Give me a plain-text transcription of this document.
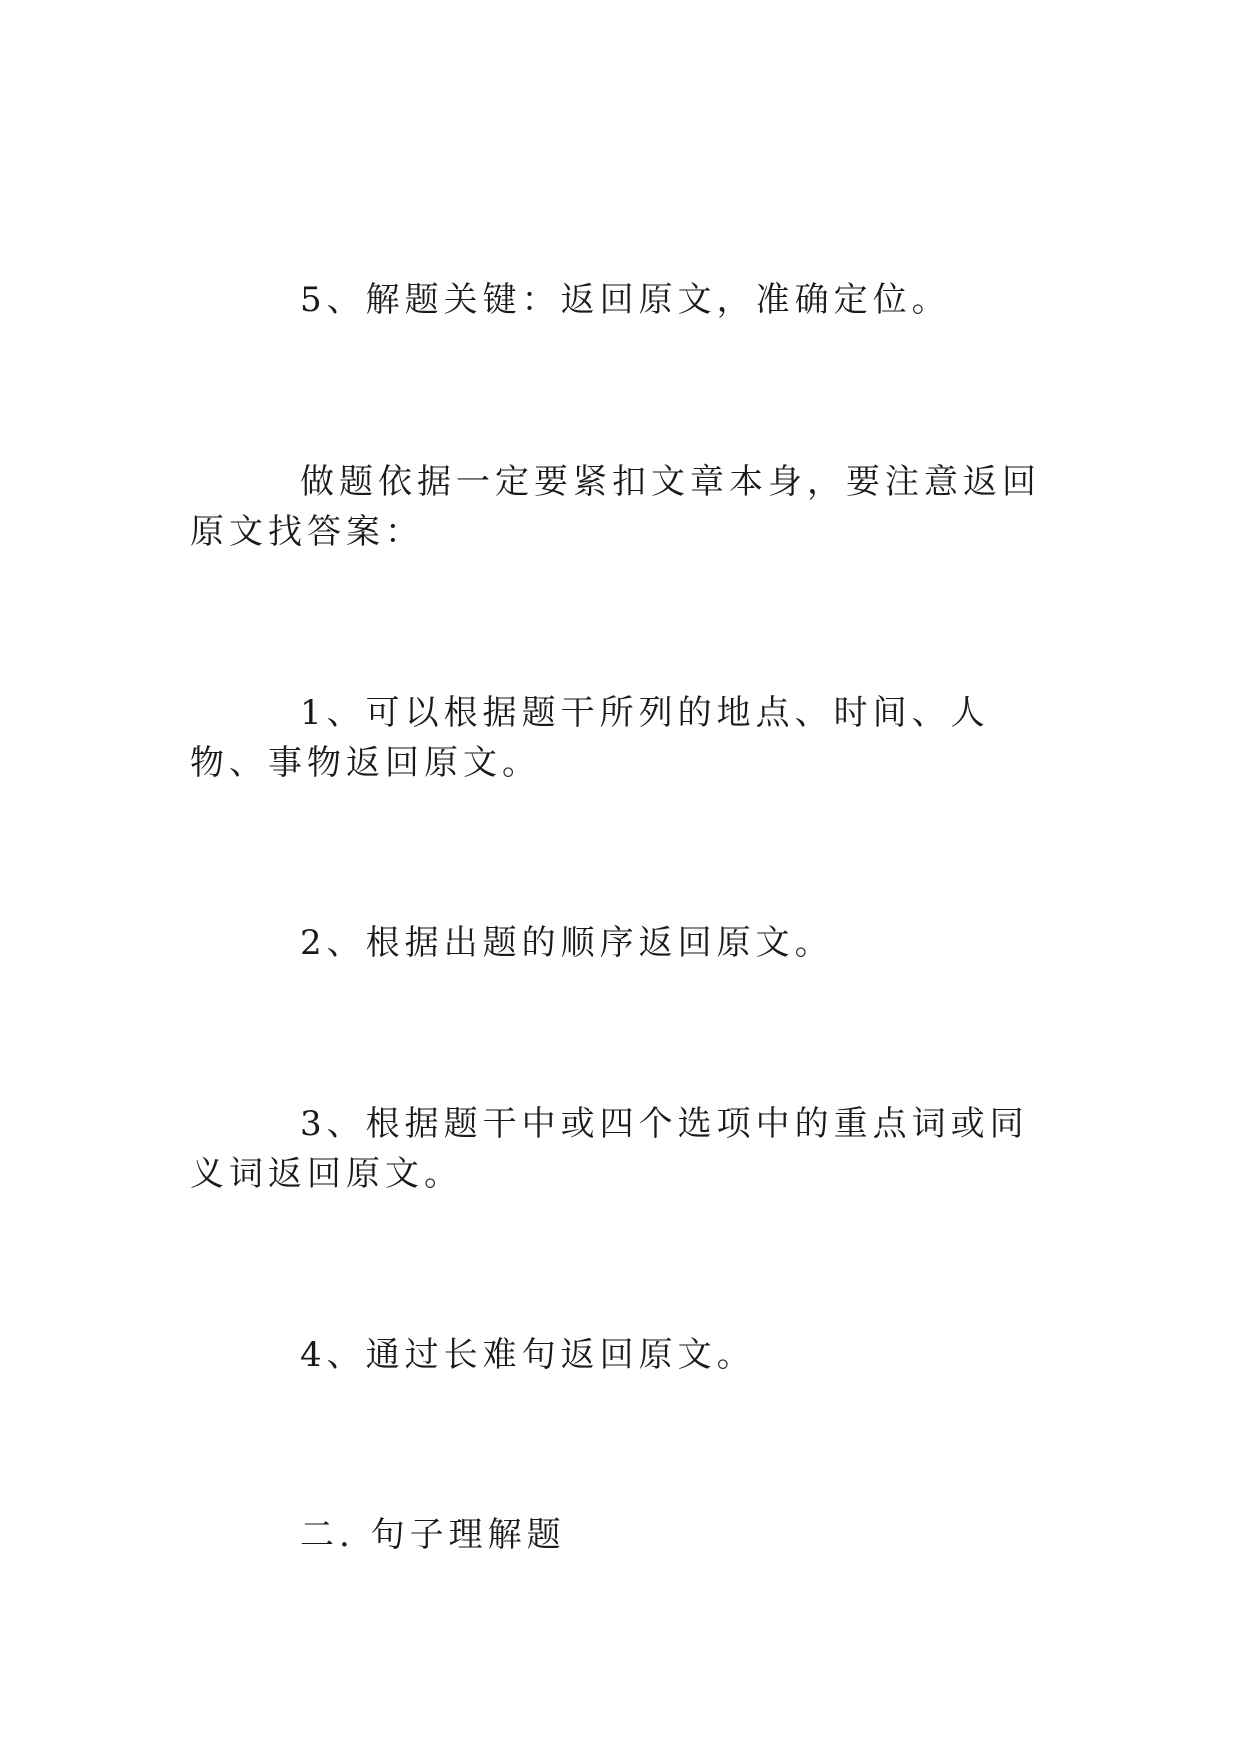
5、解题关键：返回原文，准确定位。

做题依据一定要紧扣文章本身，要注意返回原文找答案：

1、可以根据题干所列的地点、时间、人物、事物返回原文。

2、根据出题的顺序返回原文。

3、根据题干中或四个选项中的重点词或同义词返回原文。

4、通过长难句返回原文。

二. 句子理解题
